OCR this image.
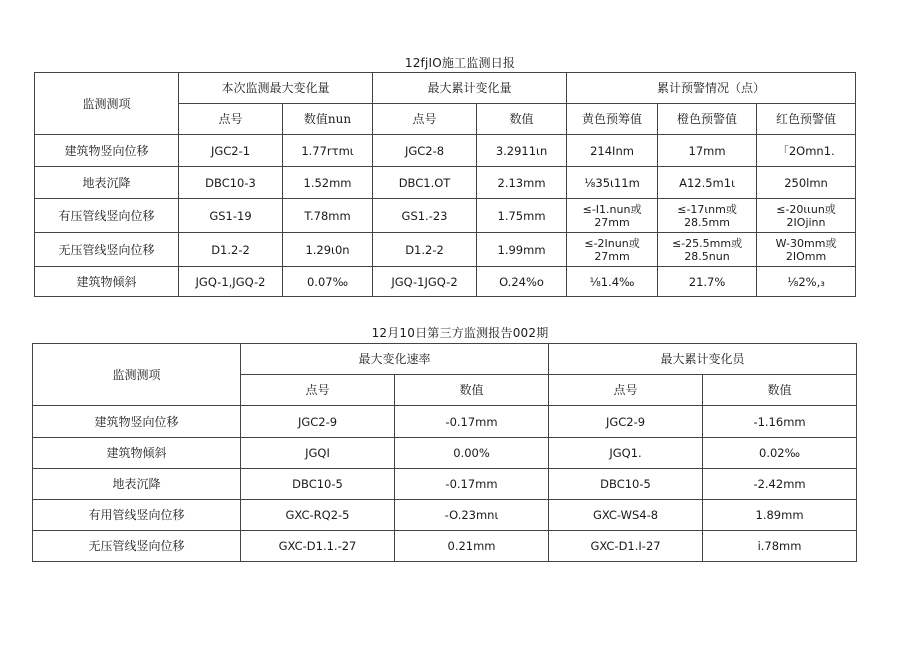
12fjIO施工监测日报
监测测项	本次监测最大变化量		最大累计变化量		累计预警情况（点）		
	点号	数值nun	点号	数值	黄色预筹值	橙色预警值	红色预警值
建筑物竖向位移	JGC2-1	1.77rτmι	JGC2-8	3.2911ιn	214Inm	17mm	「2Omn1.
地表沉降	DBC10-3	1.52mm	DBC1.OT	2.13mm	⅛35ι11m	A12.5m1ι	250lmn
有压管线竖向位移	GS1-19	T.78mm	GS1.-23	1.75mm	≤-I1.nun或27mm	≤-17ιnm或28.5mm	≤-20ιιun或2IOjinn
无压管线竖向位移	D1.2-2	1.29ι0n	D1.2-2	1.99mm	≤-2Inun或27mm	≤-25.5mm或28.5nun	W-30mm或2IOmm
建筑物倾斜	JGQ-1,JGQ-2	0.07‰	JGQ-1JGQ-2	O.24%o	⅛1.4‰	21.7%	⅛2%,₃
12月10日第三方监测报告002期
监测测项	最大变化速率		最大累计变化员	
	点号	数值	点号	数值
建筑物竖向位移	JGC2-9	-0.17mm	JGC2-9	-1.16mm
建筑物倾斜	JGQI	0.00%	JGQ1.	0.02‰
地表沉降	DBC10-5	-0.17mm	DBC10-5	-2.42mm
有用管线竖向位移	GXC-RQ2-5	-O.23mnι	GXC-WS4-8	1.89mm
无压管线竖向位移	GXC-D1.1.-27	0.21mm	GXC-D1.I-27	i.78mm
